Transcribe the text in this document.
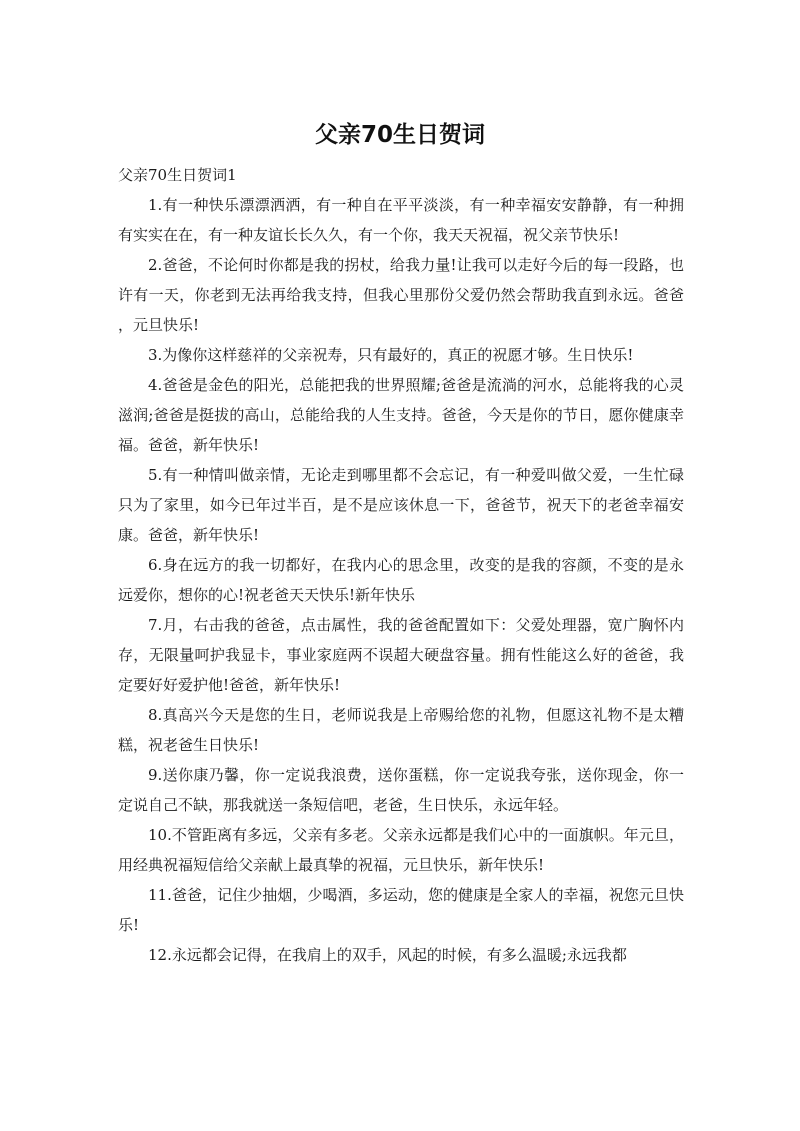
父亲70生日贺词

父亲70生日贺词1

1.有一种快乐漂漂洒洒，有一种自在平平淡淡，有一种幸福安安静静，有一种拥有实实在在，有一种友谊长长久久，有一个你，我天天祝福，祝父亲节快乐!

2.爸爸，不论何时你都是我的拐杖，给我力量!让我可以走好今后的每一段路，也许有一天，你老到无法再给我支持，但我心里那份父爱仍然会帮助我直到永远。爸爸，元旦快乐!

3.为像你这样慈祥的父亲祝寿，只有最好的，真正的祝愿才够。生日快乐!

4.爸爸是金色的阳光，总能把我的世界照耀;爸爸是流淌的河水，总能将我的心灵滋润;爸爸是挺拔的高山，总能给我的人生支持。爸爸，今天是你的节日，愿你健康幸福。爸爸，新年快乐!

5.有一种情叫做亲情，无论走到哪里都不会忘记，有一种爱叫做父爱，一生忙碌只为了家里，如今已年过半百，是不是应该休息一下，爸爸节，祝天下的老爸幸福安康。爸爸，新年快乐!

6.身在远方的我一切都好，在我内心的思念里，改变的是我的容颜，不变的是永远爱你，想你的心!祝老爸天天快乐!新年快乐

7.月，右击我的爸爸，点击属性，我的爸爸配置如下：父爱处理器，宽广胸怀内存，无限量呵护我显卡，事业家庭两不误超大硬盘容量。拥有性能这么好的爸爸，我定要好好爱护他!爸爸，新年快乐!

8.真高兴今天是您的生日，老师说我是上帝赐给您的礼物，但愿这礼物不是太糟糕，祝老爸生日快乐!

9.送你康乃馨，你一定说我浪费，送你蛋糕，你一定说我夸张，送你现金，你一定说自己不缺，那我就送一条短信吧，老爸，生日快乐，永远年轻。

10.不管距离有多远，父亲有多老。父亲永远都是我们心中的一面旗帜。年元旦，用经典祝福短信给父亲献上最真挚的祝福，元旦快乐，新年快乐!

11.爸爸，记住少抽烟，少喝酒，多运动，您的健康是全家人的幸福，祝您元旦快乐!

12.永远都会记得，在我肩上的双手，风起的时候，有多么温暖;永远我都
